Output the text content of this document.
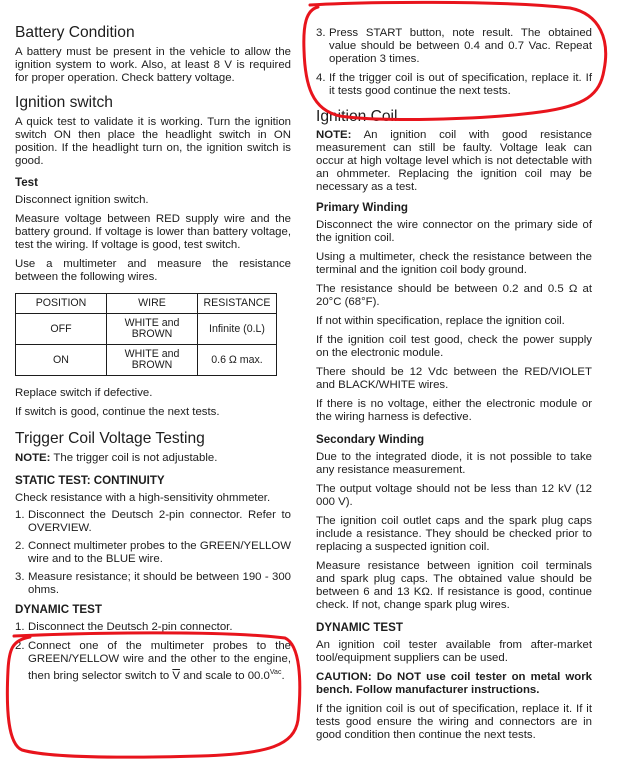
Battery Condition

A battery must be present in the vehicle to allow the ignition system to work. Also, at least 8 V is required for proper operation. Check battery voltage.

Ignition switch

A quick test to validate it is working. Turn the ignition switch ON then place the headlight switch in ON position. If the headlight turn on, the ignition switch is good.

Test

Disconnect ignition switch.

Measure voltage between RED supply wire and the battery ground. If voltage is lower than battery voltage, test the wiring. If voltage is good, test switch.

Use a multimeter and measure the resistance between the following wires.

POSITION	WIRE	RESISTANCE
OFF	WHITE and BROWN	Infinite (0.L)
ON	WHITE and BROWN	0.6 Ω max.

Replace switch if defective.

If switch is good, continue the next tests.

Trigger Coil Voltage Testing

NOTE: The trigger coil is not adjustable.

STATIC TEST: CONTINUITY

Check resistance with a high-sensitivity ohmmeter.

1. Disconnect the Deutsch 2-pin connector. Refer to OVERVIEW.
2. Connect multimeter probes to the GREEN/YELLOW wire and to the BLUE wire.
3. Measure resistance; it should be between 190 - 300 ohms.
DYNAMIC TEST
1. Disconnect the Deutsch 2-pin connector.
2. Connect one of the multimeter probes to the GREEN/YELLOW wire and the other to the engine, then bring selector switch to $\overline{V}$ and scale to $00.0^{Vac}$.
3. Press START button, note result. The obtained value should be between 0.4 and 0.7 Vac. Repeat operation 3 times.
4. If the trigger coil is out of specification, replace it. If it tests good continue the next tests.
Ignition Coil

NOTE: An ignition coil with good resistance measurement can still be faulty. Voltage leak can occur at high voltage level which is not detectable with an ohmmeter. Replacing the ignition coil may be necessary as a test.

Primary Winding

Disconnect the wire connector on the primary side of the ignition coil.

Using a multimeter, check the resistance between the terminal and the ignition coil body ground.

The resistance should be between 0.2 and 0.5 Ω at 20°C (68°F).

If not within specification, replace the ignition coil.

If the ignition coil test good, check the power supply on the electronic module.

There should be 12 Vdc between the RED/VIOLET and BLACK/WHITE wires.

If there is no voltage, either the electronic module or the wiring harness is defective.

Secondary Winding

Due to the integrated diode, it is not possible to take any resistance measurement.

The output voltage should not be less than 12 kV (12 000 V).

The ignition coil outlet caps and the spark plug caps include a resistance. They should be checked prior to replacing a suspected ignition coil.

Measure resistance between ignition coil terminals and spark plug caps. The obtained value should be between 6 and 13 KΩ. If resistance is good, continue check. If not, change spark plug wires.

DYNAMIC TEST

An ignition coil tester available from after-market tool/equipment suppliers can be used.

CAUTION: Do NOT use coil tester on metal work bench. Follow manufacturer instructions.

If the ignition coil is out of specification, replace it. If it tests good ensure the wiring and connectors are in good condition then continue the next tests.
